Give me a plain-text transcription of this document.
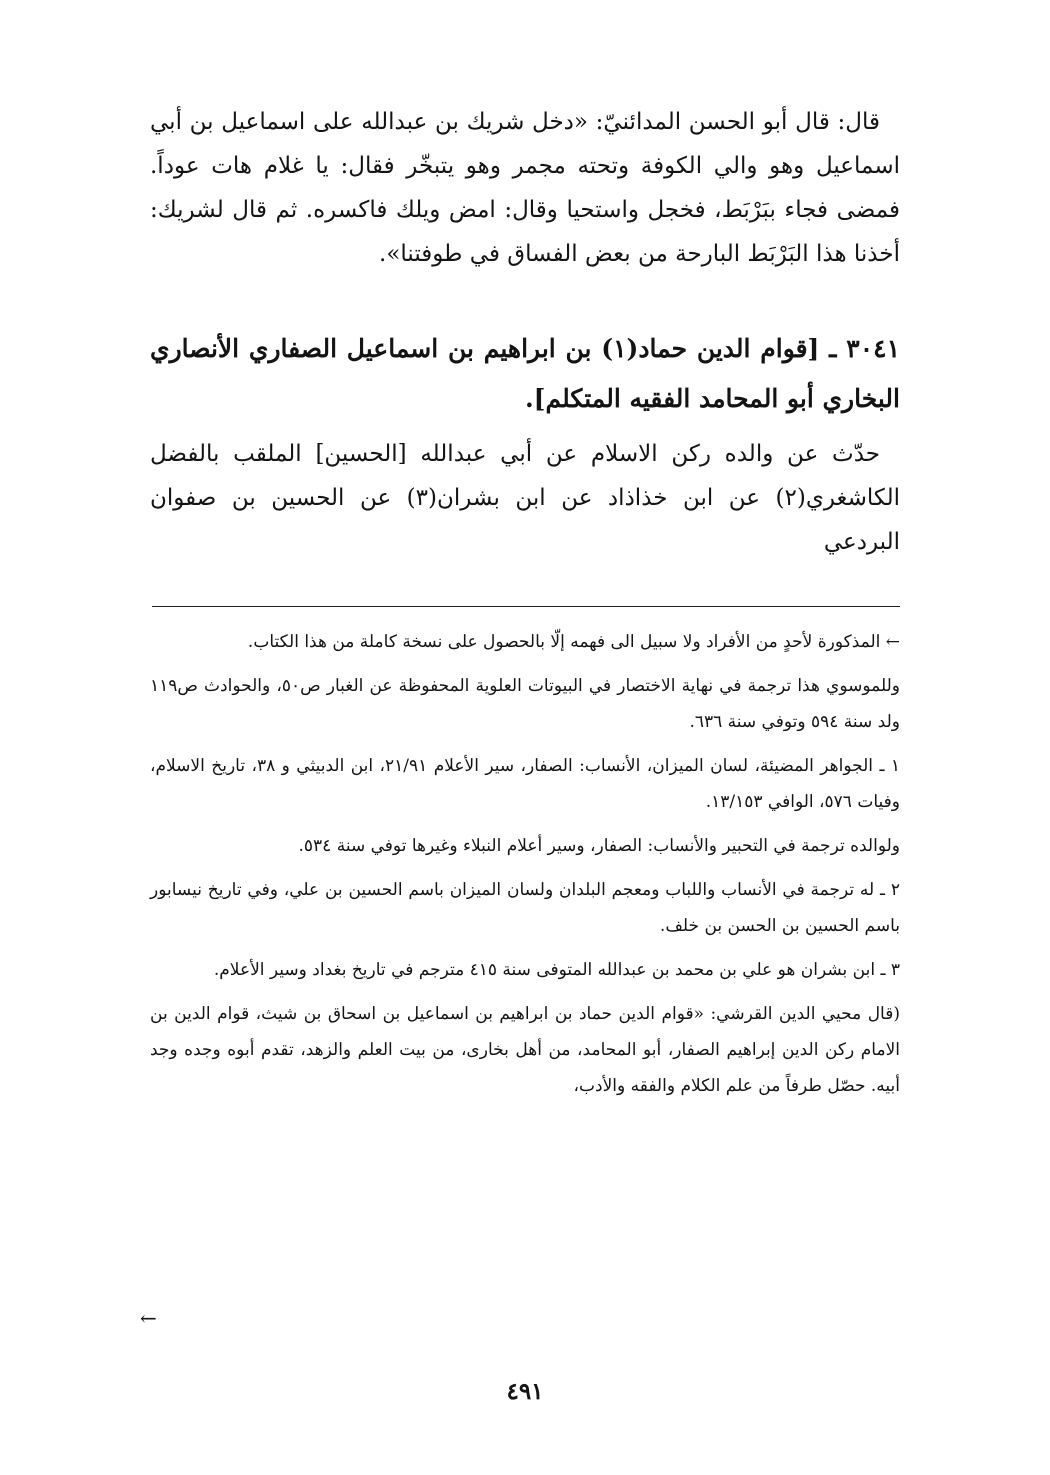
قال: قال أبو الحسن المدائنيّ: «دخل شريك بن عبدالله على اسماعيل بن أبي اسماعيل وهو والي الكوفة وتحته مجمر وهو يتبخّر فقال: يا غلام هات عوداً. فمضى فجاء ببَرْبَط، فخجل واستحيا وقال: امض ويلك فاكسره. ثم قال لشريك: أخذنا هذا البَرْبَط البارحة من بعض الفساق في طوفتنا».

٣٠٤١ ـ [قوام الدين حماد(١) بن ابراهيم بن اسماعيل الصفاري الأنصاري البخاري أبو المحامد الفقيه المتكلم].

حدّث عن والده ركن الاسلام عن أبي عبدالله [الحسين] الملقب بالفضل الكاشغري(٢) عن ابن خذاذاد عن ابن بشران(٣) عن الحسين بن صفوان البردعي

← المذكورة لأحدٍ من الأفراد ولا سبيل الى فهمه إلّا بالحصول على نسخة كاملة من هذا الكتاب.

وللموسوي هذا ترجمة في نهاية الاختصار في البيوتات العلوية المحفوظة عن الغبار ص٥٠، والحوادث ص١١٩ ولد سنة ٥٩٤ وتوفي سنة ٦٣٦.

١ ـ الجواهر المضيئة، لسان الميزان، الأنساب: الصفار، سير الأعلام ٢١/٩١، ابن الدبيثي و ٣٨، تاريخ الاسلام، وفيات ٥٧٦، الوافي ١٣/١٥٣.

ولوالده ترجمة في التحبير والأنساب: الصفار، وسير أعلام النبلاء وغيرها توفي سنة ٥٣٤.

٢ ـ له ترجمة في الأنساب واللباب ومعجم البلدان ولسان الميزان باسم الحسين بن علي، وفي تاريخ نيسابور باسم الحسين بن الحسن بن خلف.

٣ ـ ابن بشران هو علي بن محمد بن عبدالله المتوفى سنة ٤١٥ مترجم في تاريخ بغداد وسير الأعلام.

(قال محيي الدين القرشي: «قوام الدين حماد بن ابراهيم بن اسماعيل بن اسحاق بن شيث، قوام الدين بن الامام ركن الدين إبراهيم الصفار، أبو المحامد، من أهل بخارى، من بيت العلم والزهد، تقدم أبوه وجده وجد أبيه. حصّل طرفاً من علم الكلام والفقه والأدب،

←
٤٩١
